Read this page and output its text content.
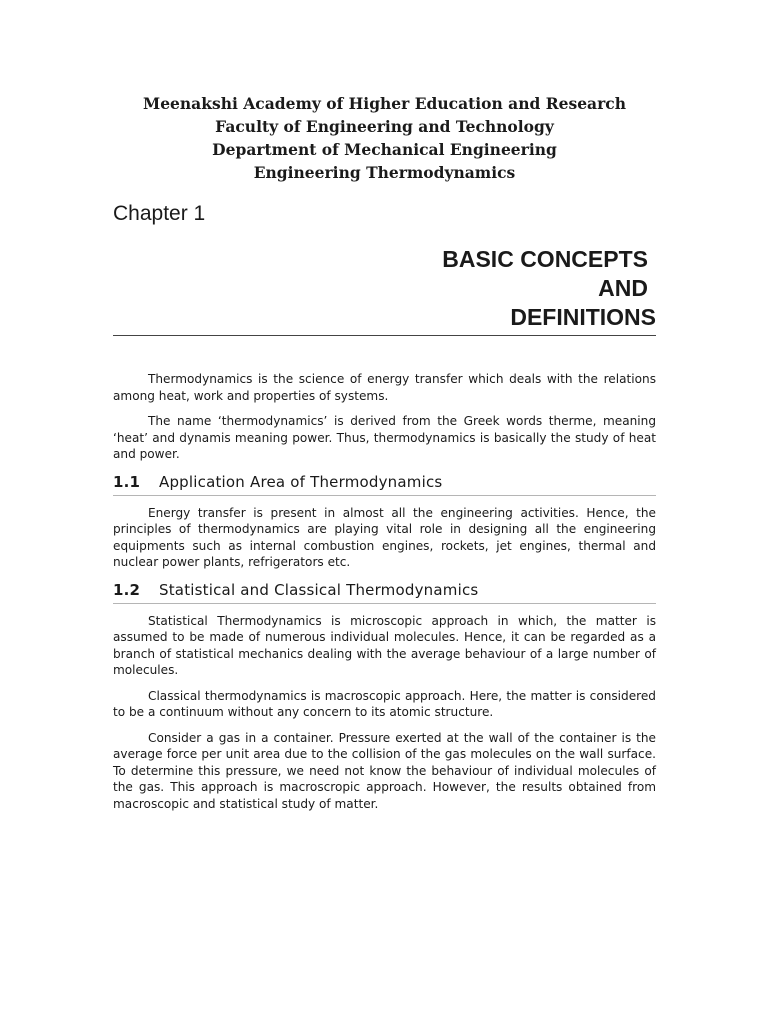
Meenakshi Academy of Higher Education and Research
Faculty of Engineering and Technology
Department of Mechanical Engineering
Engineering Thermodynamics
Chapter 1
BASIC CONCEPTS
AND
DEFINITIONS

Thermodynamics is the science of energy transfer which deals with the relations among heat, work and properties of systems.

The name ‘thermodynamics’ is derived from the Greek words therme, meaning ‘heat’ and dynamis meaning power. Thus, thermodynamics is basically the study of heat and power.

1.1 Application Area of Thermodynamics

Energy transfer is present in almost all the engineering activities. Hence, the principles of thermodynamics are playing vital role in designing all the engineering equipments such as internal combustion engines, rockets, jet engines, thermal and nuclear power plants, refrigerators etc.

1.2 Statistical and Classical Thermodynamics

Statistical Thermodynamics is microscopic approach in which, the matter is assumed to be made of numerous individual molecules. Hence, it can be regarded as a branch of statistical mechanics dealing with the average behaviour of a large number of molecules.

Classical thermodynamics is macroscopic approach. Here, the matter is considered to be a continuum without any concern to its atomic structure.

Consider a gas in a container. Pressure exerted at the wall of the container is the average force per unit area due to the collision of the gas molecules on the wall surface. To determine this pressure, we need not know the behaviour of individual molecules of the gas. This approach is macroscropic approach. However, the results obtained from macroscopic and statistical study of matter.
